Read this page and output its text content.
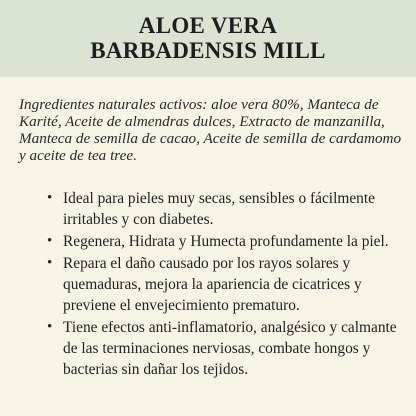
ALOE VERA
BARBADENSIS MILL
Ingredientes naturales activos: aloe vera 80%, Manteca de Karité, Aceite de almendras dulces, Extracto de manzanilla, Manteca de semilla de cacao, Aceite de semilla de cardamomo y aceite de tea tree.
• Ideal para pieles muy secas, sensibles o fácilmente irritables y con diabetes.
• Regenera, Hidrata y Humecta profundamente la piel.
• Repara el daño causado por los rayos solares y quemaduras, mejora la apariencia de cicatrices y previene el envejecimiento prematuro.
• Tiene efectos anti-inflamatorio, analgésico y calmante de las terminaciones nerviosas, combate hongos y bacterias sin dañar los tejidos.
